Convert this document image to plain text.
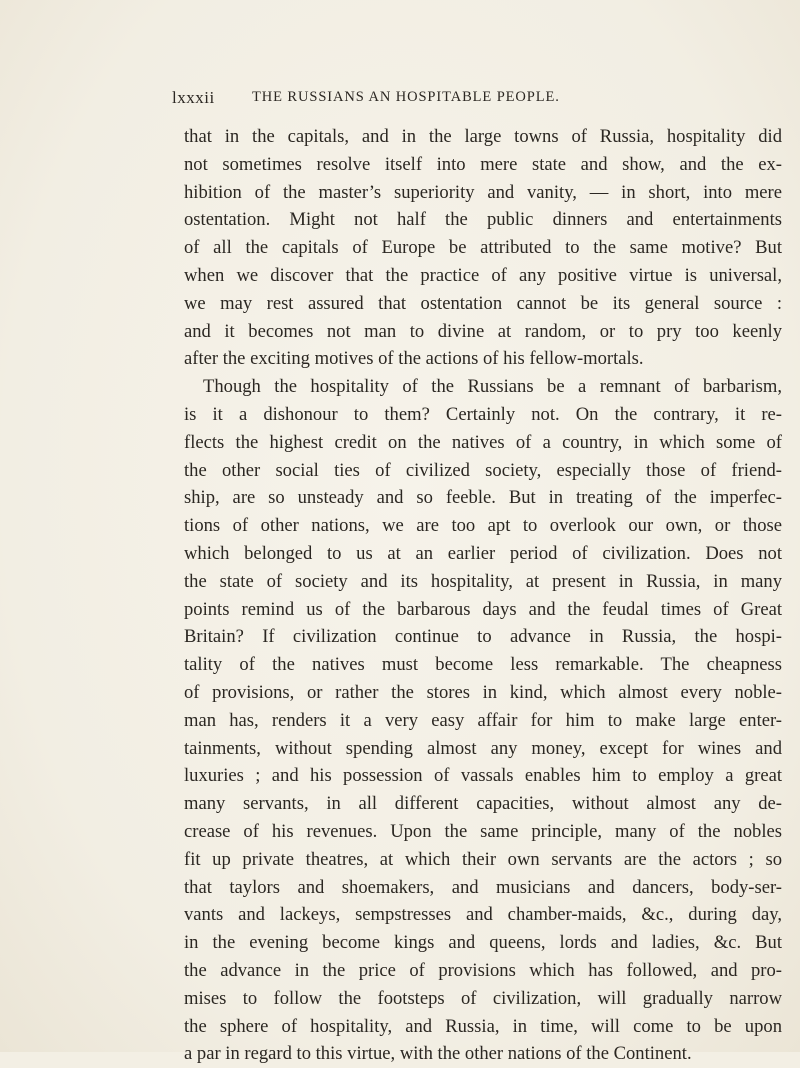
lxxxii	THE RUSSIANS AN HOSPITABLE PEOPLE.
that in the capitals, and in the large towns of Russia, hospitality did
not sometimes resolve itself into mere state and show, and the ex-
hibition of the master’s superiority and vanity, — in short, into mere
ostentation. Might not half the public dinners and entertainments
of all the capitals of Europe be attributed to the same motive? But
when we discover that the practice of any positive virtue is universal,
we may rest assured that ostentation cannot be its general source :
and it becomes not man to divine at random, or to pry too keenly
after the exciting motives of the actions of his fellow-mortals.
Though the hospitality of the Russians be a remnant of barbarism,
is it a dishonour to them? Certainly not. On the contrary, it re-
flects the highest credit on the natives of a country, in which some of
the other social ties of civilized society, especially those of friend-
ship, are so unsteady and so feeble. But in treating of the imperfec-
tions of other nations, we are too apt to overlook our own, or those
which belonged to us at an earlier period of civilization. Does not
the state of society and its hospitality, at present in Russia, in many
points remind us of the barbarous days and the feudal times of Great
Britain? If civilization continue to advance in Russia, the hospi-
tality of the natives must become less remarkable. The cheapness
of provisions, or rather the stores in kind, which almost every noble-
man has, renders it a very easy affair for him to make large enter-
tainments, without spending almost any money, except for wines and
luxuries ; and his possession of vassals enables him to employ a great
many servants, in all different capacities, without almost any de-
crease of his revenues. Upon the same principle, many of the nobles
fit up private theatres, at which their own servants are the actors ; so
that taylors and shoemakers, and musicians and dancers, body-ser-
vants and lackeys, sempstresses and chamber-maids, &c., during day,
in the evening become kings and queens, lords and ladies, &c. But
the advance in the price of provisions which has followed, and pro-
mises to follow the footsteps of civilization, will gradually narrow
the sphere of hospitality, and Russia, in time, will come to be upon
a par in regard to this virtue, with the other nations of the Continent.
